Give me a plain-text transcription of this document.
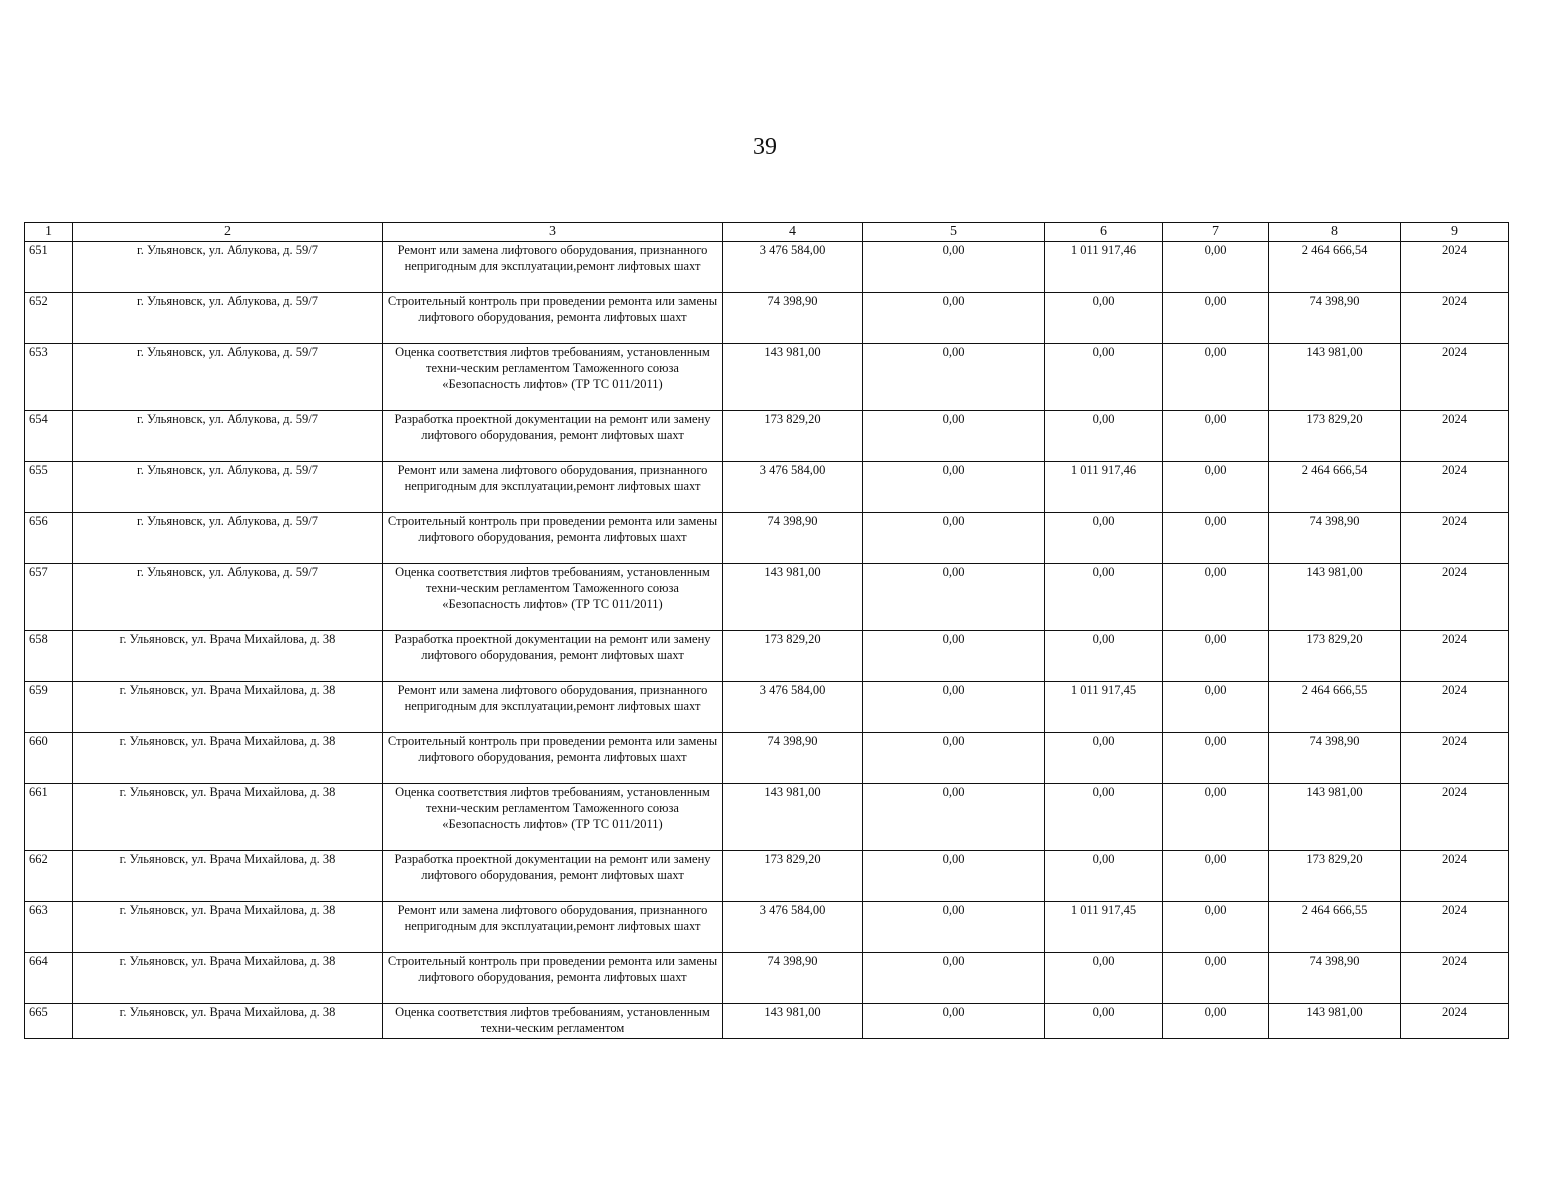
39
1	2	3	4	5	6	7	8	9
651	г. Ульяновск, ул. Аблукова, д. 59/7	Ремонт или замена лифтового оборудования, признанного непригодным для эксплуатации,ремонт лифтовых шахт	3 476 584,00	0,00	1 011 917,46	0,00	2 464 666,54	2024
652	г. Ульяновск, ул. Аблукова, д. 59/7	Строительный контроль при проведении ремонта или замены лифтового оборудования, ремонта лифтовых шахт	74 398,90	0,00	0,00	0,00	74 398,90	2024
653	г. Ульяновск, ул. Аблукова, д. 59/7	Оценка соответствия лифтов требованиям, установленным техни-ческим регламентом Таможенного союза «Безопасность лифтов» (ТР ТС 011/2011)	143 981,00	0,00	0,00	0,00	143 981,00	2024
654	г. Ульяновск, ул. Аблукова, д. 59/7	Разработка проектной документации на ремонт или замену лифтового оборудования, ремонт лифтовых шахт	173 829,20	0,00	0,00	0,00	173 829,20	2024
655	г. Ульяновск, ул. Аблукова, д. 59/7	Ремонт или замена лифтового оборудования, признанного непригодным для эксплуатации,ремонт лифтовых шахт	3 476 584,00	0,00	1 011 917,46	0,00	2 464 666,54	2024
656	г. Ульяновск, ул. Аблукова, д. 59/7	Строительный контроль при проведении ремонта или замены лифтового оборудования, ремонта лифтовых шахт	74 398,90	0,00	0,00	0,00	74 398,90	2024
657	г. Ульяновск, ул. Аблукова, д. 59/7	Оценка соответствия лифтов требованиям, установленным техни-ческим регламентом Таможенного союза «Безопасность лифтов» (ТР ТС 011/2011)	143 981,00	0,00	0,00	0,00	143 981,00	2024
658	г. Ульяновск, ул. Врача Михайлова, д. 38	Разработка проектной документации на ремонт или замену лифтового оборудования, ремонт лифтовых шахт	173 829,20	0,00	0,00	0,00	173 829,20	2024
659	г. Ульяновск, ул. Врача Михайлова, д. 38	Ремонт или замена лифтового оборудования, признанного непригодным для эксплуатации,ремонт лифтовых шахт	3 476 584,00	0,00	1 011 917,45	0,00	2 464 666,55	2024
660	г. Ульяновск, ул. Врача Михайлова, д. 38	Строительный контроль при проведении ремонта или замены лифтового оборудования, ремонта лифтовых шахт	74 398,90	0,00	0,00	0,00	74 398,90	2024
661	г. Ульяновск, ул. Врача Михайлова, д. 38	Оценка соответствия лифтов требованиям, установленным техни-ческим регламентом Таможенного союза «Безопасность лифтов» (ТР ТС 011/2011)	143 981,00	0,00	0,00	0,00	143 981,00	2024
662	г. Ульяновск, ул. Врача Михайлова, д. 38	Разработка проектной документации на ремонт или замену лифтового оборудования, ремонт лифтовых шахт	173 829,20	0,00	0,00	0,00	173 829,20	2024
663	г. Ульяновск, ул. Врача Михайлова, д. 38	Ремонт или замена лифтового оборудования, признанного непригодным для эксплуатации,ремонт лифтовых шахт	3 476 584,00	0,00	1 011 917,45	0,00	2 464 666,55	2024
664	г. Ульяновск, ул. Врача Михайлова, д. 38	Строительный контроль при проведении ремонта или замены лифтового оборудования, ремонта лифтовых шахт	74 398,90	0,00	0,00	0,00	74 398,90	2024
665	г. Ульяновск, ул. Врача Михайлова, д. 38	Оценка соответствия лифтов требованиям, установленным техни-ческим регламентом	143 981,00	0,00	0,00	0,00	143 981,00	2024
